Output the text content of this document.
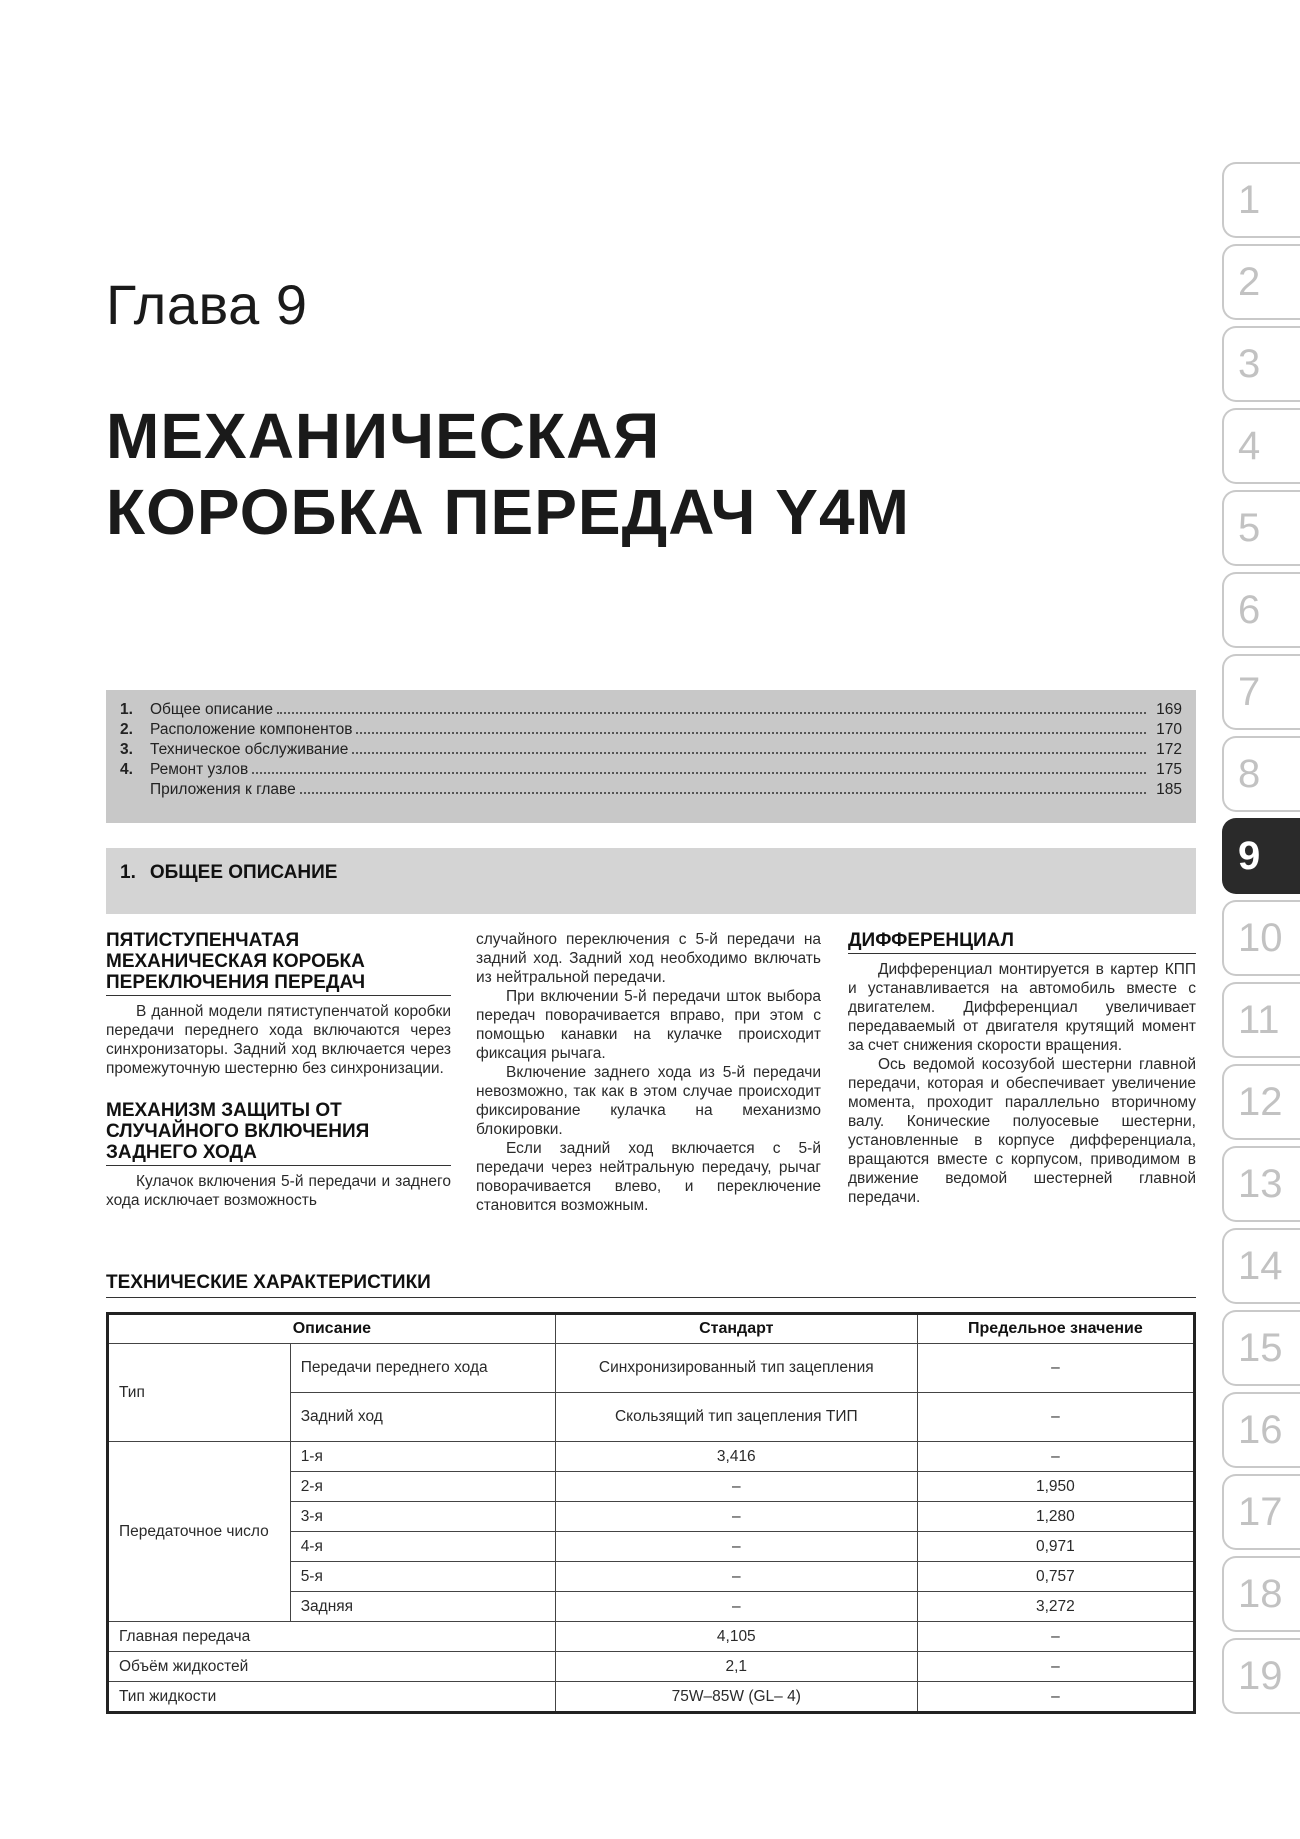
Глава 9
МЕХАНИЧЕСКАЯ
КОРОБКА ПЕРЕДАЧ Y4M
1.	Общее описание	169
2.	Расположение компонентов	170
3.	Техническое обслуживание	172
4.	Ремонт узлов	175
Приложения к главе	185
1. ОБЩЕЕ ОПИСАНИЕ
ПЯТИСТУПЕНЧАТАЯ МЕХАНИЧЕСКАЯ КОРОБКА ПЕРЕКЛЮЧЕНИЯ ПЕРЕДАЧ

В данной модели пятиступенчатой коробки передачи переднего хода включаются через синхронизаторы. Задний ход включается через промежуточную шестерню без синхронизации.

МЕХАНИЗМ ЗАЩИТЫ ОТ СЛУЧАЙНОГО ВКЛЮЧЕНИЯ ЗАДНЕГО ХОДА

Кулачок включения 5-й передачи и заднего хода исключает возможность

случайного переключения с 5-й передачи на задний ход. Задний ход необходимо включать из нейтральной передачи.

При включении 5-й передачи шток выбора передач поворачивается вправо, при этом с помощью канавки на кулачке происходит фиксация рычага.

Включение заднего хода из 5-й передачи невозможно, так как в этом случае происходит фиксирование кулачка на механизмо блокировки.

Если задний ход включается с 5-й передачи через нейтральную передачу, рычаг поворачивается влево, и переключение становится возможным.

ДИФФЕРЕНЦИАЛ

Дифференциал монтируется в картер КПП и устанавливается на автомобиль вместе с двигателем. Дифференциал увеличивает передаваемый от двигателя крутящий момент за счет снижения скорости вращения.

Ось ведомой косозубой шестерни главной передачи, которая и обеспечивает увеличение момента, проходит параллельно вторичному валу. Конические полуосевые шестерни, установленные в корпусе дифференциала, вращаются вместе с корпусом, приводимом в движение ведомой шестерней главной передачи.

ТЕХНИЧЕСКИЕ ХАРАКТЕРИСТИКИ
Описание		Стандарт	Предельное значение
Тип	Передачи переднего хода	Синхронизированный тип зацепления	–
	Задний ход	Скользящий тип зацепления ТИП	–
Передаточное число	1-я	3,416	–
	2-я	–	1,950
	3-я	–	1,280
	4-я	–	0,971
	5-я	–	0,757
	Задняя	–	3,272
Главная передача		4,105	–
Объём жидкостей		2,1	–
Тип жидкости		75W–85W (GL– 4)	–
1
2
3
4
5
6
7
8
9
10
11
12
13
14
15
16
17
18
19
